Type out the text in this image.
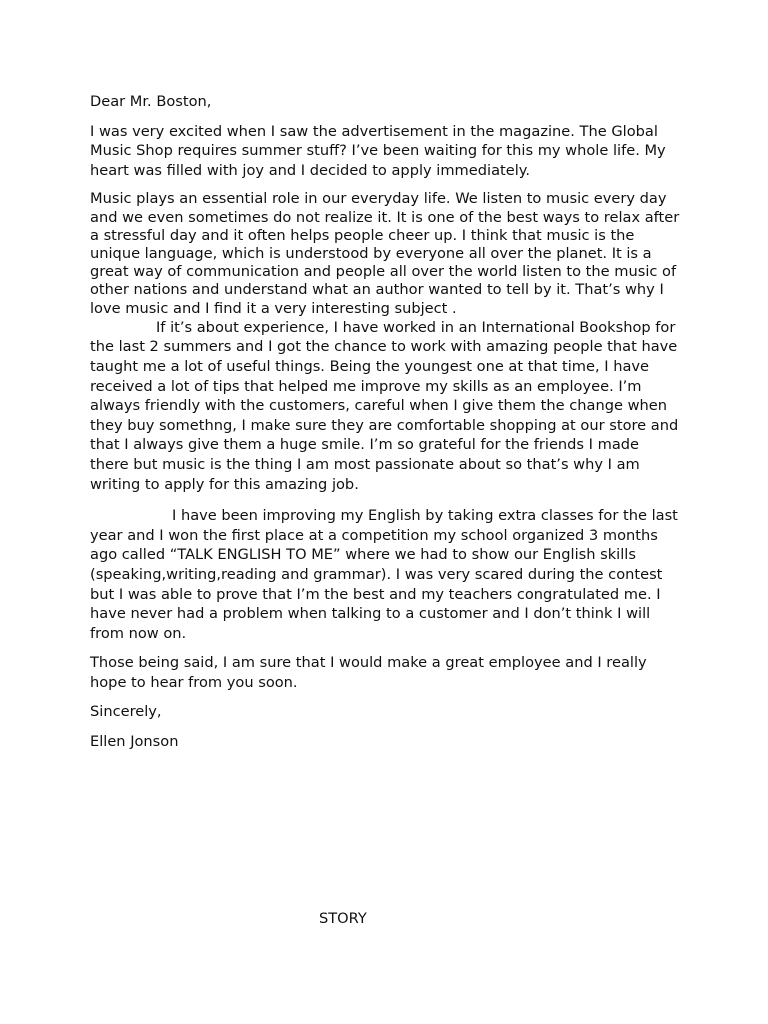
Dear Mr. Boston,

I was very excited when I saw the advertisement in the magazine. The Global Music Shop requires summer stuff? I’ve been waiting for this my whole life. My heart was filled with joy and I decided to apply immediately.

Music plays an essential role in our everyday life. We listen to music every day and we even sometimes do not realize it. It is one of the best ways to relax after a stressful day and it often helps people cheer up. I think that music is the unique language, which is understood by everyone all over the planet. It is a great way of communication and people all over the world listen to the music of other nations and understand what an author wanted to tell by it. That’s why I love music and I find it a very interesting subject .

If it’s about experience, I have worked in an International Bookshop for the last 2 summers and I got the chance to work with amazing people that have taught me a lot of useful things. Being the youngest one at that time, I have received a lot of tips that helped me improve my skills as an employee. I’m always friendly with the customers, careful when I give them the change when they buy somethng, I make sure they are comfortable shopping at our store and that I always give them a huge smile. I’m so grateful for the friends I made there but music is the thing I am most passionate about so that’s why I am writing to apply for this amazing job.

I have been improving my English by taking extra classes for the last year and I won the first place at a competition my school organized 3 months ago called “TALK ENGLISH TO ME” where we had to show our English skills (speaking,writing,reading and grammar). I was very scared during the contest but I was able to prove that I’m the best and my teachers congratulated me. I have never had a problem when talking to a customer and I don’t think I will from now on.

Those being said, I am sure that I would make a great employee and I really hope to hear from you soon.

Sincerely,

Ellen Jonson

STORY
